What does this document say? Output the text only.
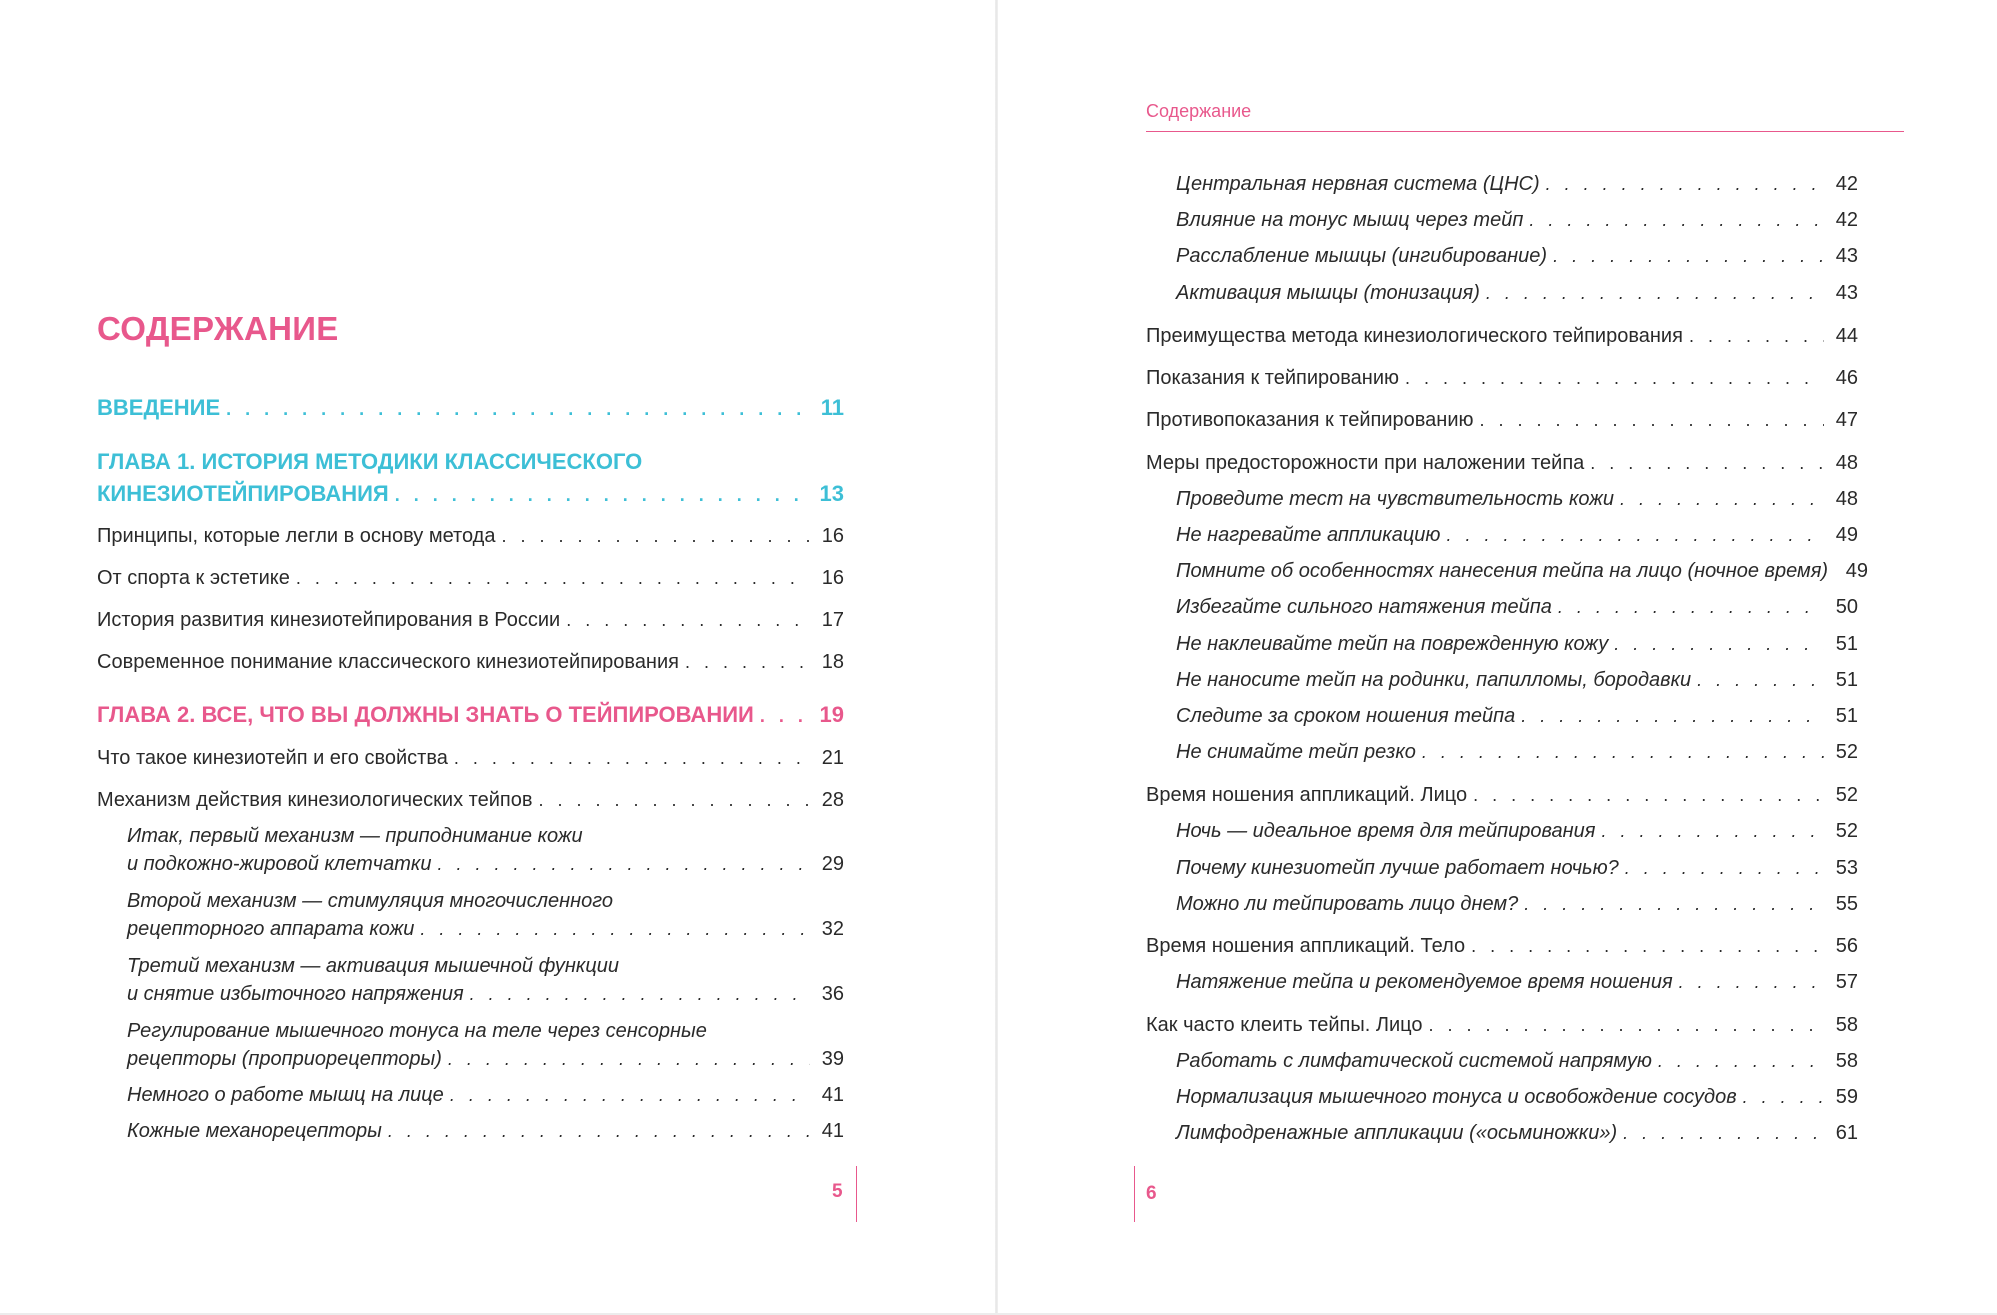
СОДЕРЖАНИЕ
ВВЕДЕНИЕ . . .	11
ГЛАВА 1. ИСТОРИЯ МЕТОДИКИ КЛАССИЧЕСКОГО
КИНЕЗИОТЕЙПИРОВАНИЯ . . .	13
Принципы, которые легли в основу метода . . .	16
От спорта к эстетике . . .	16
История развития кинезиотейпирования в России . . .	17
Современное понимание классического кинезиотейпирования . . .	18
ГЛАВА 2. ВСЕ, ЧТО ВЫ ДОЛЖНЫ ЗНАТЬ О ТЕЙПИРОВАНИИ . . .	19
Что такое кинезиотейп и его свойства . . .	21
Механизм действия кинезиологических тейпов . . .	28
Итак, первый механизм — приподнимание кожи
и подкожно-жировой клетчатки . . .	29
Второй механизм — стимуляция многочисленного
рецепторного аппарата кожи . . .	32
Третий механизм — активация мышечной функции
и снятие избыточного напряжения . . .	36
Регулирование мышечного тонуса на теле через сенсорные
рецепторы (проприорецепторы) . . .	39
Немного о работе мышц на лице . . .	41
Кожные механорецепторы . . .	41
5
Содержание
Центральная нервная система (ЦНС) . . .	42
Влияние на тонус мышц через тейп . . .	42
Расслабление мышцы (ингибирование) . . .	43
Активация мышцы (тонизация) . . .	43
Преимущества метода кинезиологического тейпирования . . .	44
Показания к тейпированию . . .	46
Противопоказания к тейпированию . . .	47
Меры предосторожности при наложении тейпа . . .	48
Проведите тест на чувствительность кожи . . .	48
Не нагревайте аппликацию . . .	49
Помните об особенностях нанесения тейпа на лицо (ночное время) 49
Избегайте сильного натяжения тейпа . . .	50
Не наклеивайте тейп на поврежденную кожу . . .	51
Не наносите тейп на родинки, папилломы, бородавки . . .	51
Следите за сроком ношения тейпа . . .	51
Не снимайте тейп резко . . .	52
Время ношения аппликаций. Лицо . . .	52
Ночь — идеальное время для тейпирования . . .	52
Почему кинезиотейп лучше работает ночью? . . .	53
Можно ли тейпировать лицо днем? . . .	55
Время ношения аппликаций. Тело . . .	56
Натяжение тейпа и рекомендуемое время ношения . . .	57
Как часто клеить тейпы. Лицо . . .	58
Работать с лимфатической системой напрямую . . .	58
Нормализация мышечного тонуса и освобождение сосудов . . .	59
Лимфодренажные аппликации («осьминожки») . . .	61
6
